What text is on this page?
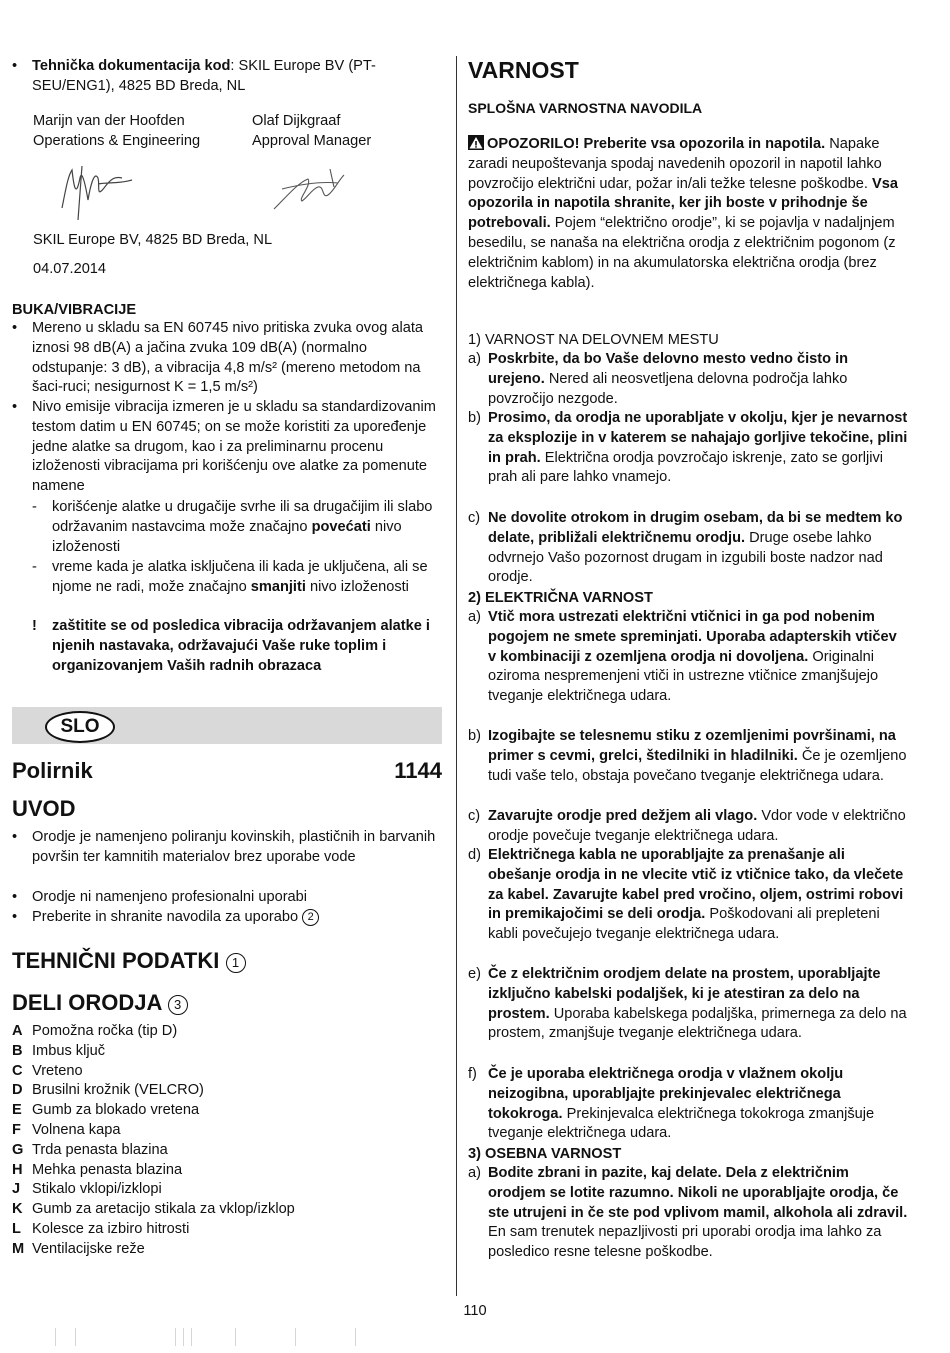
• Tehnička dokumentacija kod: SKIL Europe BV (PT-SEU/ENG1), 4825 BD Breda, NL
Marijn van der Hoofden
Operations & Engineering
Olaf Dijkgraaf
Approval Manager
SKIL Europe BV, 4825 BD Breda, NL
04.07.2014
BUKA/VIBRACIJE
• Mereno u skladu sa EN 60745 nivo pritiska zvuka ovog alata iznosi 98 dB(A) a jačina zvuka 109 dB(A) (normalno odstupanje: 3 dB), a vibracija 4,8 m/s² (mereno metodom na šaci-ruci; nesigurnost K = 1,5 m/s²)
• Nivo emisije vibracija izmeren je u skladu sa standardizovanim testom datim u EN 60745; on se može koristiti za upoređenje jedne alatke sa drugom, kao i za preliminarnu procenu izloženosti vibracijama pri korišćenju ove alatke za pomenute namene
- korišćenje alatke u drugačije svrhe ili sa drugačijim ili slabo održavanim nastavcima može značajno povećati nivo izloženosti
- vreme kada je alatka isključena ili kada je uključena, ali se njome ne radi, može značajno smanjiti nivo izloženosti
! zaštitite se od posledica vibracija održavanjem alatke i njenih nastavaka, održavajući Vaše ruke toplim i organizovanjem Vaših radnih obrazaca
SLO
Polirnik	1144
UVOD
• Orodje je namenjeno poliranju kovinskih, plastičnih in barvanih površin ter kamnitih materialov brez uporabe vode
• Orodje ni namenjeno profesionalni uporabi
• Preberite in shranite navodila za uporabo 2
TEHNIČNI PODATKI 1
DELI ORODJA 3
A Pomožna ročka (tip D)
B Imbus ključ
C Vreteno
D Brusilni krožnik (VELCRO)
E Gumb za blokado vretena
F Volnena kapa
G Trda penasta blazina
H Mehka penasta blazina
J Stikalo vklopi/izklopi
K Gumb za aretacijo stikala za vklop/izklop
L Kolesce za izbiro hitrosti
M Ventilacijske reže
VARNOST
SPLOŠNA VARNOSTNA NAVODILA
OPOZORILO! Preberite vsa opozorila in napotila. Napake zaradi neupoštevanja spodaj navedenih opozoril in napotil lahko povzročijo električni udar, požar in/ali težke telesne poškodbe. Vsa opozorila in napotila shranite, ker jih boste v prihodnje še potrebovali. Pojem “električno orodje”, ki se pojavlja v nadaljnjem besedilu, se nanaša na električna orodja z električnim pogonom (z električnim kablom) in na akumulatorska električna orodja (brez električnega kabla).
1) VARNOST NA DELOVNEM MESTU
a) Poskrbite, da bo Vaše delovno mesto vedno čisto in urejeno. Nered ali neosvetljena delovna področja lahko povzročijo nezgode.
b) Prosimo, da orodja ne uporabljate v okolju, kjer je nevarnost za eksplozije in v katerem se nahajajo gorljive tekočine, plini in prah. Električna orodja povzročajo iskrenje, zato se gorljivi prah ali pare lahko vnamejo.
c) Ne dovolite otrokom in drugim osebam, da bi se medtem ko delate, približali električnemu orodju. Druge osebe lahko odvrnejo Vašo pozornost drugam in izgubili boste nadzor nad orodje.
2) ELEKTRIČNA VARNOST
a) Vtič mora ustrezati električni vtičnici in ga pod nobenim pogojem ne smete spreminjati. Uporaba adapterskih vtičev v kombinaciji z ozemljena orodja ni dovoljena. Originalni oziroma nespremenjeni vtiči in ustrezne vtičnice zmanjšujejo tveganje električnega udara.
b) Izogibajte se telesnemu stiku z ozemljenimi površinami, na primer s cevmi, grelci, štedilniki in hladilniki. Če je ozemljeno tudi vaše telo, obstaja povečano tveganje električnega udara.
c) Zavarujte orodje pred dežjem ali vlago. Vdor vode v električno orodje povečuje tveganje električnega udara.
d) Električnega kabla ne uporabljajte za prenašanje ali obešanje orodja in ne vlecite vtič iz vtičnice tako, da vlečete za kabel. Zavarujte kabel pred vročino, oljem, ostrimi robovi in premikajočimi se deli orodja. Poškodovani ali prepleteni kabli povečujejo tveganje električnega udara.
e) Če z električnim orodjem delate na prostem, uporabljajte izključno kabelski podaljšek, ki je atestiran za delo na prostem. Uporaba kabelskega podaljška, primernega za delo na prostem, zmanjšuje tveganje električnega udara.
f) Če je uporaba električnega orodja v vlažnem okolju neizogibna, uporabljajte prekinjevalec električnega tokokroga. Prekinjevalca električnega tokokroga zmanjšuje tveganje električnega udara.
3) OSEBNA VARNOST
a) Bodite zbrani in pazite, kaj delate. Dela z električnim orodjem se lotite razumno. Nikoli ne uporabljajte orodja, če ste utrujeni in če ste pod vplivom mamil, alkohola ali zdravil. En sam trenutek nepazljivosti pri uporabi orodja ima lahko za posledico resne telesne poškodbe.
110
